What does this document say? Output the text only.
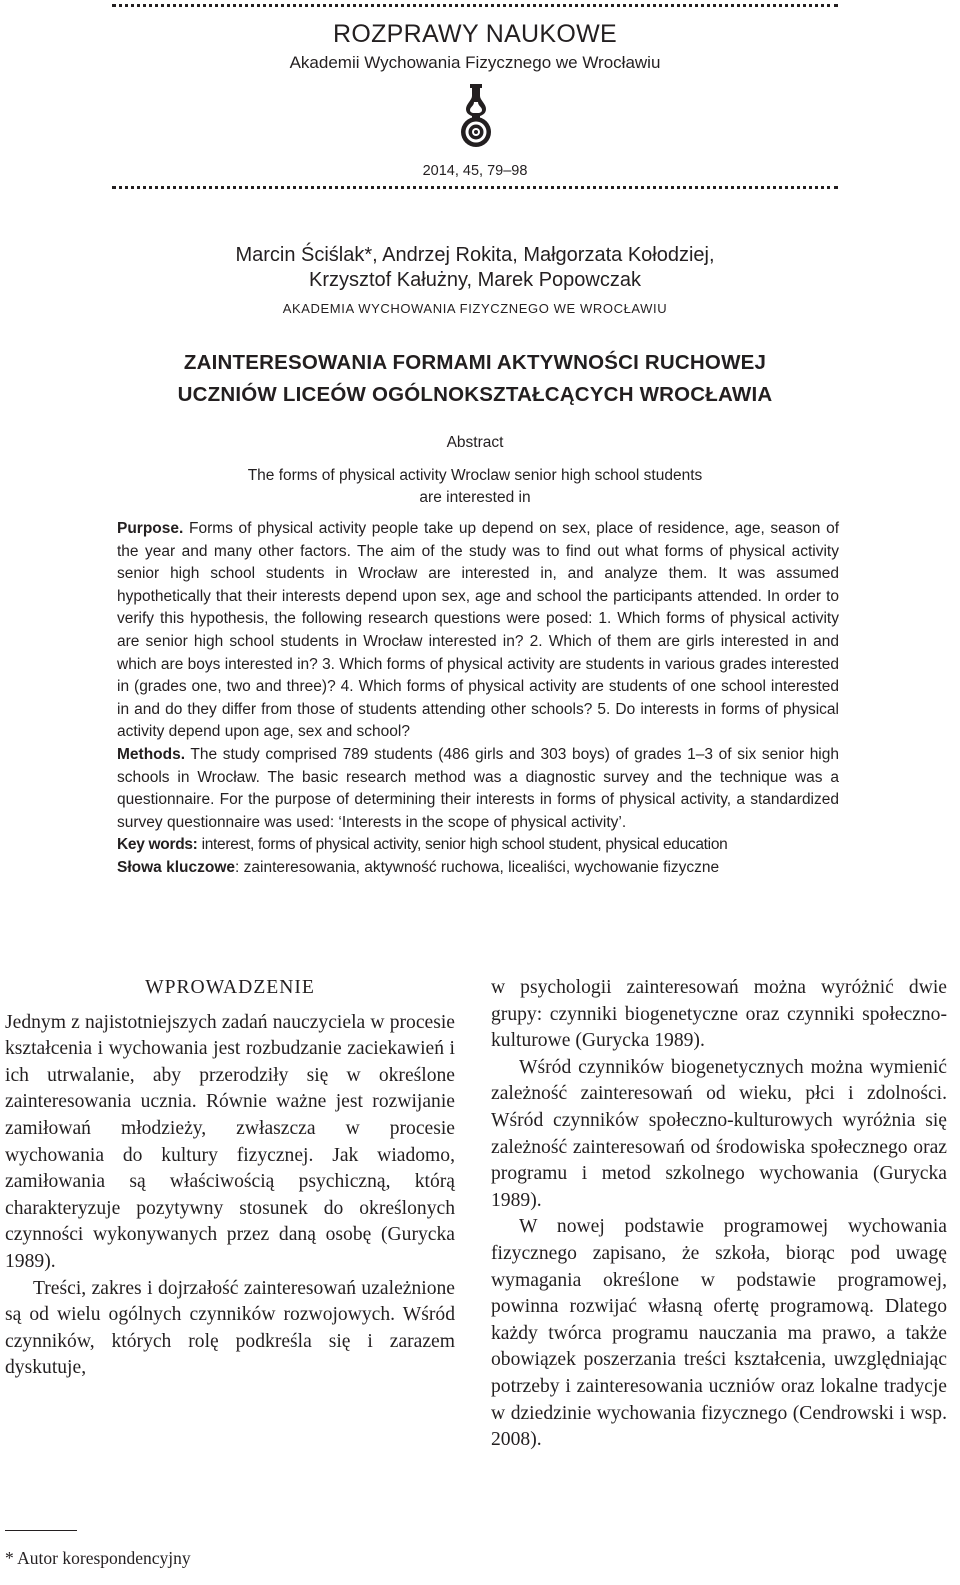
ROZPRAWY NAUKOWE
Akademii Wychowania Fizycznego we Wrocławiu
2014, 45, 79–98
Marcin Ściślak*, Andrzej Rokita, Małgorzata Kołodziej,
Krzysztof Kałużny, Marek Popowczak
AKADEMIA WYCHOWANIA FIZYCZNEGO WE WROCŁAWIU
ZAINTERESOWANIA FORMAMI AKTYWNOŚCI RUCHOWEJ
UCZNIÓW LICEÓW OGÓLNOKSZTAŁCĄCYCH WROCŁAWIA
Abstract
The forms of physical activity Wroclaw senior high school students
are interested in

Purpose. Forms of physical activity people take up depend on sex, place of residence, age, season of the year and many other factors. The aim of the study was to find out what forms of physical activity senior high school students in Wrocław are interested in, and analyze them. It was assumed hypothetically that their interests depend upon sex, age and school the participants attended. In order to verify this hypothesis, the following research questions were posed: 1. Which forms of physical activity are senior high school students in Wrocław interested in? 2. Which of them are girls interested in and which are boys interested in? 3. Which forms of physical activity are students in various grades interested in (grades one, two and three)? 4. Which forms of physical activity are students of one school interested in and do they differ from those of students attending other schools? 5. Do interests in forms of physical activity depend upon age, sex and school?

Methods. The study comprised 789 students (486 girls and 303 boys) of grades 1–3 of six senior high schools in Wrocław. The basic research method was a diagnostic survey and the technique was a questionnaire. For the purpose of determining their interests in forms of physical activity, a standardized survey questionnaire was used: ‘Interests in the scope of physical activity’.

Key words: interest, forms of physical activity, senior high school student, physical education

Słowa kluczowe: zainteresowania, aktywność ruchowa, licealiści, wychowanie fizyczne

WPROWADZENIE

Jednym z najistotniejszych zadań nauczyciela w procesie kształcenia i wychowania jest rozbudzanie zaciekawień i ich utrwalanie, aby przerodziły się w określone zainteresowania ucznia. Równie ważne jest rozwijanie zamiłowań młodzieży, zwłaszcza w procesie wychowania do kultury fizycznej. Jak wiadomo, zamiłowania są właściwością psychiczną, którą charakteryzuje pozytywny stosunek do określonych czynności wykonywanych przez daną osobę (Gurycka 1989).

Treści, zakres i dojrzałość zainteresowań uzależnione są od wielu ogólnych czynników rozwojowych. Wśród czynników, których rolę podkreśla się i zarazem dyskutuje,

w psychologii zainteresowań można wyróżnić dwie grupy: czynniki biogenetyczne oraz czynniki społeczno-kulturowe (Gurycka 1989).

Wśród czynników biogenetycznych można wymienić zależność zainteresowań od wieku, płci i zdolności. Wśród czynników społeczno-kulturowych wyróżnia się zależność zainteresowań od środowiska społecznego oraz programu i metod szkolnego wychowania (Gurycka 1989).

W nowej podstawie programowej wychowania fizycznego zapisano, że szkoła, biorąc pod uwagę wymagania określone w podstawie programowej, powinna rozwijać własną ofertę programową. Dlatego każdy twórca programu nauczania ma prawo, a także obowiązek poszerzania treści kształcenia, uwzględniając potrzeby i zainteresowania uczniów oraz lokalne tradycje w dziedzinie wychowania fizycznego (Cendrowski i wsp. 2008).

* Autor korespondencyjny
